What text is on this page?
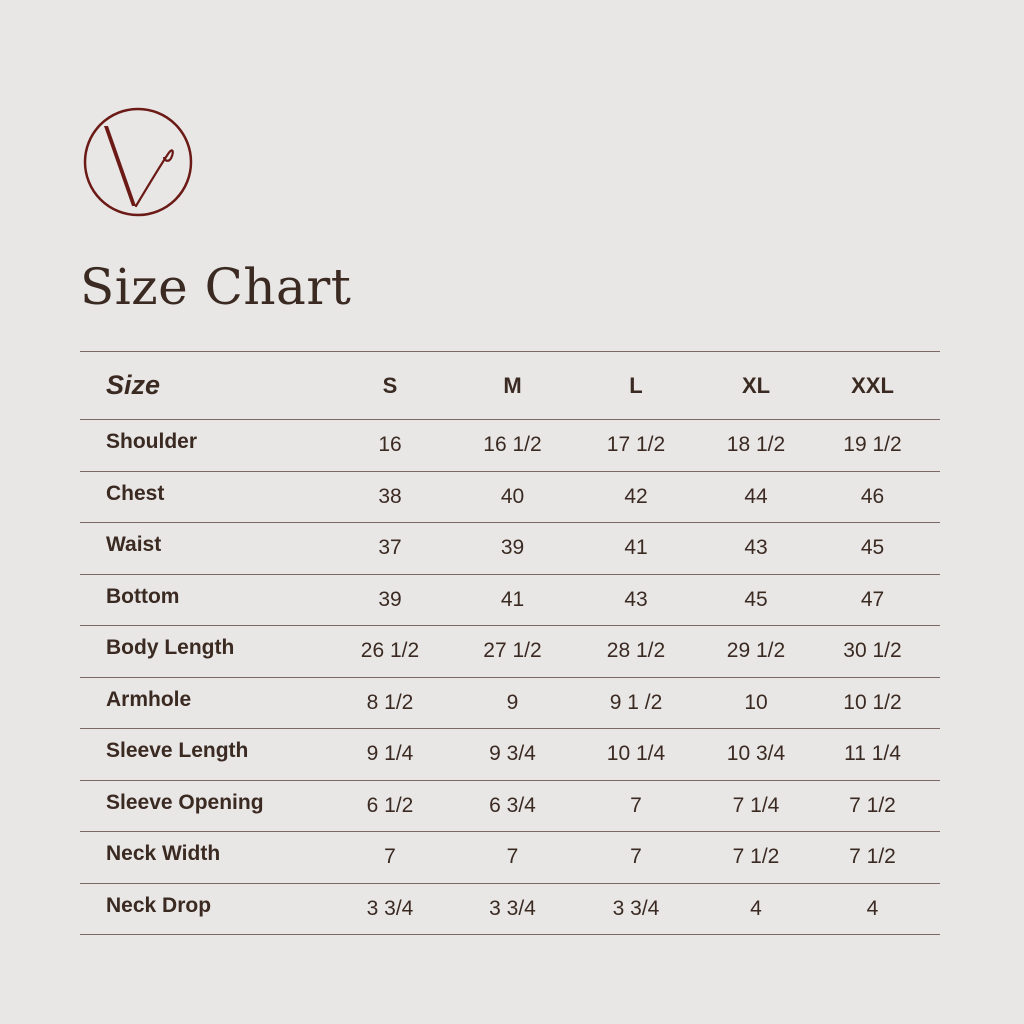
Size Chart
Size	S	M	L	XL	XXL
Shoulder	16	16 1/2	17 1/2	18 1/2	19 1/2
Chest	38	40	42	44	46
Waist	37	39	41	43	45
Bottom	39	41	43	45	47
Body Length	26 1/2	27 1/2	28 1/2	29 1/2	30 1/2
Armhole	8 1/2	9	9 1 /2	10	10 1/2
Sleeve Length	9 1/4	9 3/4	10 1/4	10 3/4	11 1/4
Sleeve Opening	6 1/2	6 3/4	7	7 1/4	7 1/2
Neck Width	7	7	7	7 1/2	7 1/2
Neck Drop	3 3/4	3 3/4	3 3/4	4	4
